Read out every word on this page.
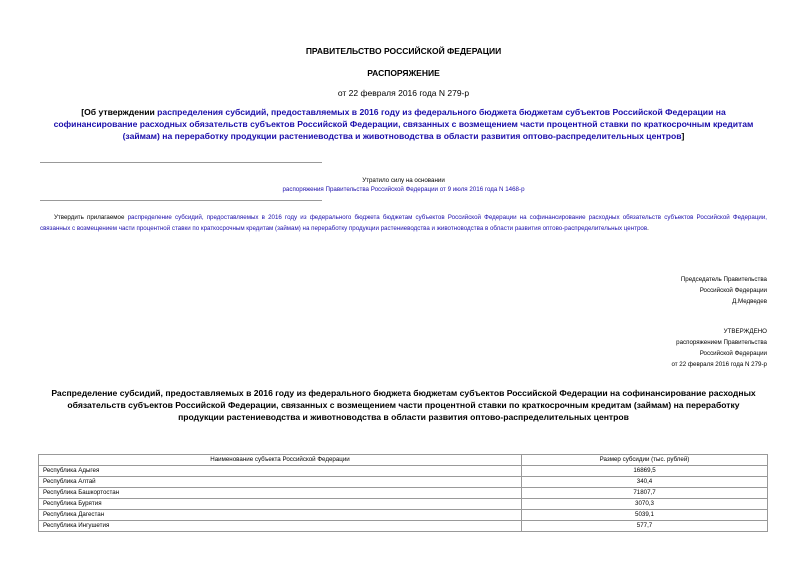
ПРАВИТЕЛЬСТВО РОССИЙСКОЙ ФЕДЕРАЦИИ
РАСПОРЯЖЕНИЕ
от 22 февраля 2016 года N 279-р
[Об утверждении распределения субсидий, предоставляемых в 2016 году из федерального бюджета бюджетам субъектов Российской Федерации на софинансирование расходных обязательств субъектов Российской Федерации, связанных с возмещением части процентной ставки по краткосрочным кредитам (займам) на переработку продукции растениеводства и животноводства в области развития оптово-распределительных центров]
Утратило силу на основании
распоряжения Правительства Российской Федерации от 9 июля 2016 года N 1468-р
Утвердить прилагаемое распределение субсидий, предоставляемых в 2016 году из федерального бюджета бюджетам субъектов Российской Федерации на софинансирование расходных обязательств субъектов Российской Федерации, связанных с возмещением части процентной ставки по краткосрочным кредитам (займам) на переработку продукции растениеводства и животноводства в области развития оптово-распределительных центров.
Председатель Правительства
Российской Федерации
Д.Медведев
УТВЕРЖДЕНО
распоряжением Правительства
Российской Федерации
от 22 февраля 2016 года N 279-р
Распределение субсидий, предоставляемых в 2016 году из федерального бюджета бюджетам субъектов Российской Федерации на софинансирование расходных обязательств субъектов Российской Федерации, связанных с возмещением части процентной ставки по краткосрочным кредитам (займам) на переработку продукции растениеводства и животноводства в области развития оптово-распределительных центров
Наименование субъекта Российской Федерации	Размер субсидии (тыс. рублей)
Республика Адыгея	16869,5
Республика Алтай	340,4
Республика Башкортостан	71807,7
Республика Бурятия	3070,3
Республика Дагестан	5039,1
Республика Ингушетия	577,7
